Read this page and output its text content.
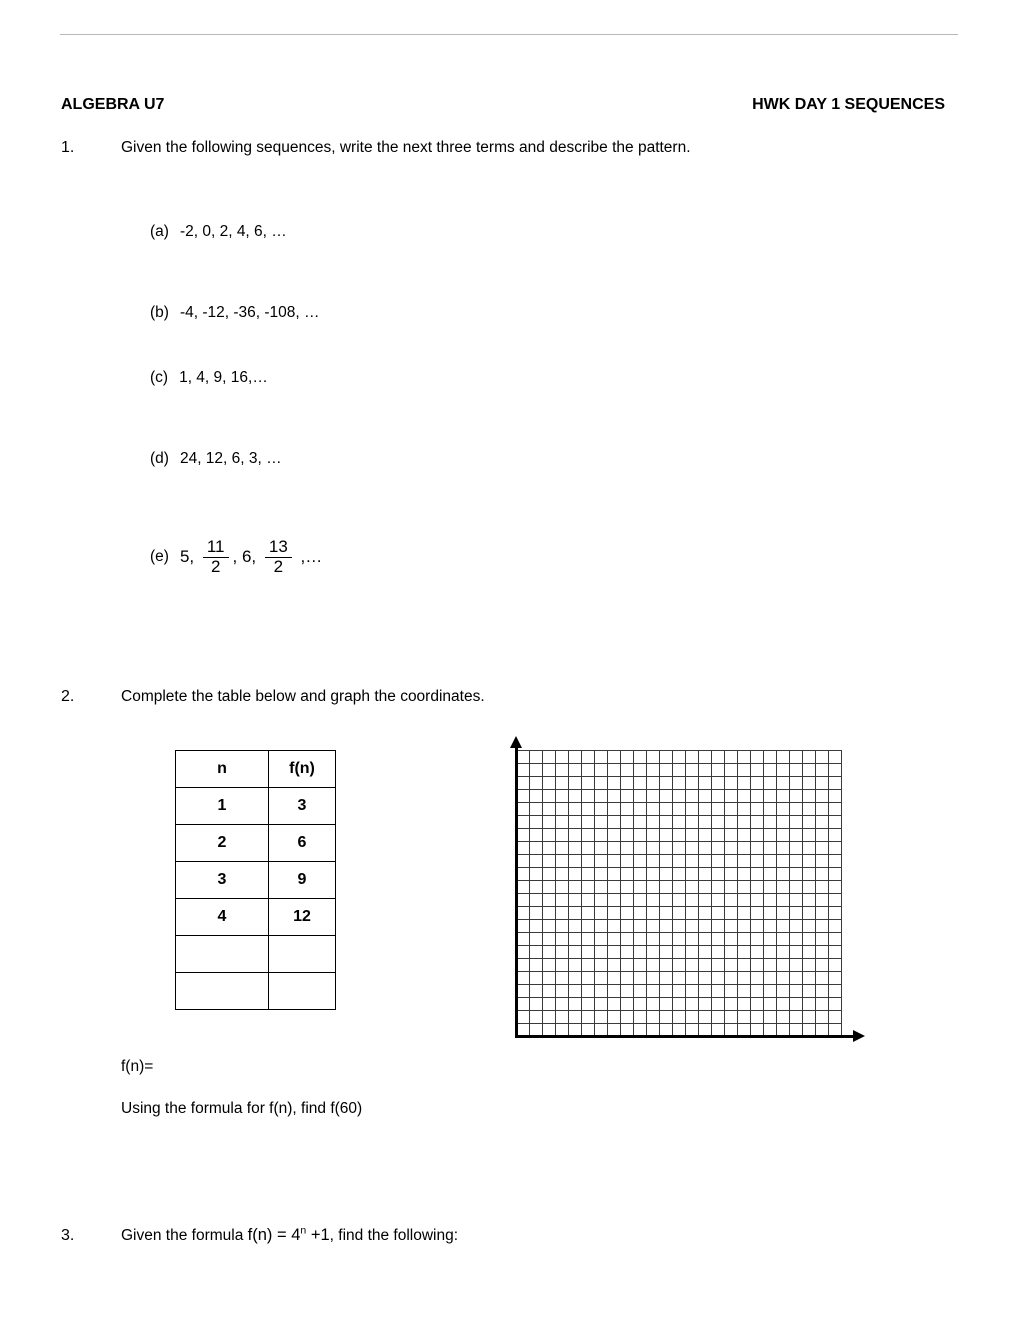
ALGEBRA U7	HWK DAY 1 SEQUENCES
1.	Given the following sequences, write the next three terms and describe the pattern.
(a) -2, 0, 2, 4, 6, …
(b) -4, -12, -36, -108, …
(c) 1, 4, 9, 16,…
(d) 24, 12, 6, 3, …
(e) 5, $\frac{11}{2}$ , 6, $\frac{13}{2}$ ,…
2.	Complete the table below and graph the coordinates.
n	f(n)
1	3
2	6
3	9
4	12

f(n)=
Using the formula for f(n), find f(60)
3.	Given the formula $f(n) = 4^n +1$, find the following:
